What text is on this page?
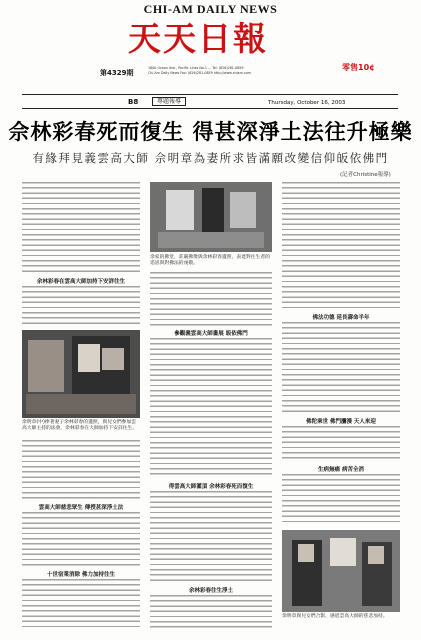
CHI-AM DAILY NEWS
天天日報
第4329期
1600 Ocean Ave., Pacific Lines No.1 ... Tel: (626)281-0859
Chi-Am Daily News Fax: (626)281-0859 http://www.chiam.com
零售10¢
B8	專題報導	Thursday, October 16, 2003
佘林彩春死而復生 得甚深淨土法往升極樂
有緣拜見義雲高大師 佘明章為妻所求皆滿願改變信仰皈依佛門
(記者Christine報導)
余林彩春在雲高大師加持下安詳往生
余明章(中)捧著妻子余林彩春的遺照，與兒女們參加雲高大師主持的法會，余林彩春在大師加持下安詳往生。
雲高大師慈悲眾生 傳授甚深淨土法
十世宿業消除 佛力加持往生
余家的佛堂，莊嚴佛像與余林彩春遺照，表達對往生者的追思與對佛法的虔敬。
參觀義雲高大師畫展 皈依佛門
得雲高大師灌頂 余林彩春死而復生
余林彩春往生淨土
佛法功德 延長壽命半年
佛陀乘世 佛門瀰漫 天人來迎
生病無痛 病苦全消
余明章與兒女們合影，感恩雲高大師的慈悲加持。
